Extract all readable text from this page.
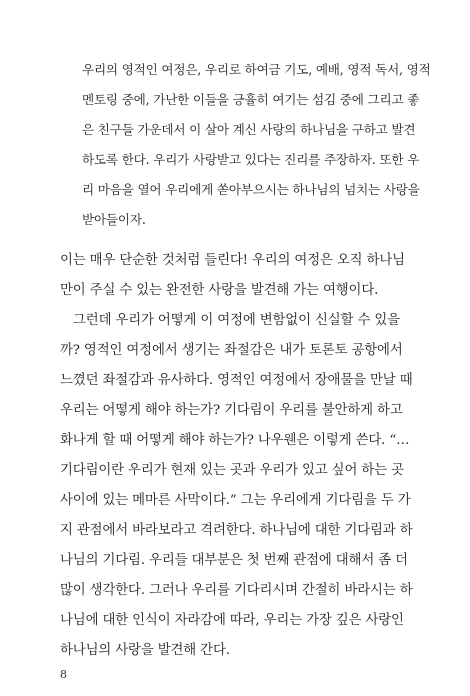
우리의 영적인 여정은, 우리로 하여금 기도, 예배, 영적 독서, 영적
멘토링 중에, 가난한 이들을 긍휼히 여기는 섬김 중에 그리고 좋
은 친구들 가운데서 이 살아 계신 사랑의 하나님을 구하고 발견
하도록 한다. 우리가 사랑받고 있다는 진리를 주장하자. 또한 우
리 마음을 열어 우리에게 쏟아부으시는 하나님의 넘치는 사랑을
받아들이자.
이는 매우 단순한 것처럼 들린다! 우리의 여정은 오직 하나님
만이 주실 수 있는 완전한 사랑을 발견해 가는 여행이다.
그런데 우리가 어떻게 이 여정에 변함없이 신실할 수 있을
까? 영적인 여정에서 생기는 좌절감은 내가 토론토 공항에서
느꼈던 좌절감과 유사하다. 영적인 여정에서 장애물을 만날 때
우리는 어떻게 해야 하는가? 기다림이 우리를 불안하게 하고
화나게 할 때 어떻게 해야 하는가? 나우웬은 이렇게 쓴다. “…
기다림이란 우리가 현재 있는 곳과 우리가 있고 싶어 하는 곳
사이에 있는 메마른 사막이다.” 그는 우리에게 기다림을 두 가
지 관점에서 바라보라고 격려한다. 하나님에 대한 기다림과 하
나님의 기다림. 우리들 대부분은 첫 번째 관점에 대해서 좀 더
많이 생각한다. 그러나 우리를 기다리시며 간절히 바라시는 하
나님에 대한 인식이 자라감에 따라, 우리는 가장 깊은 사랑인
하나님의 사랑을 발견해 간다.
8
